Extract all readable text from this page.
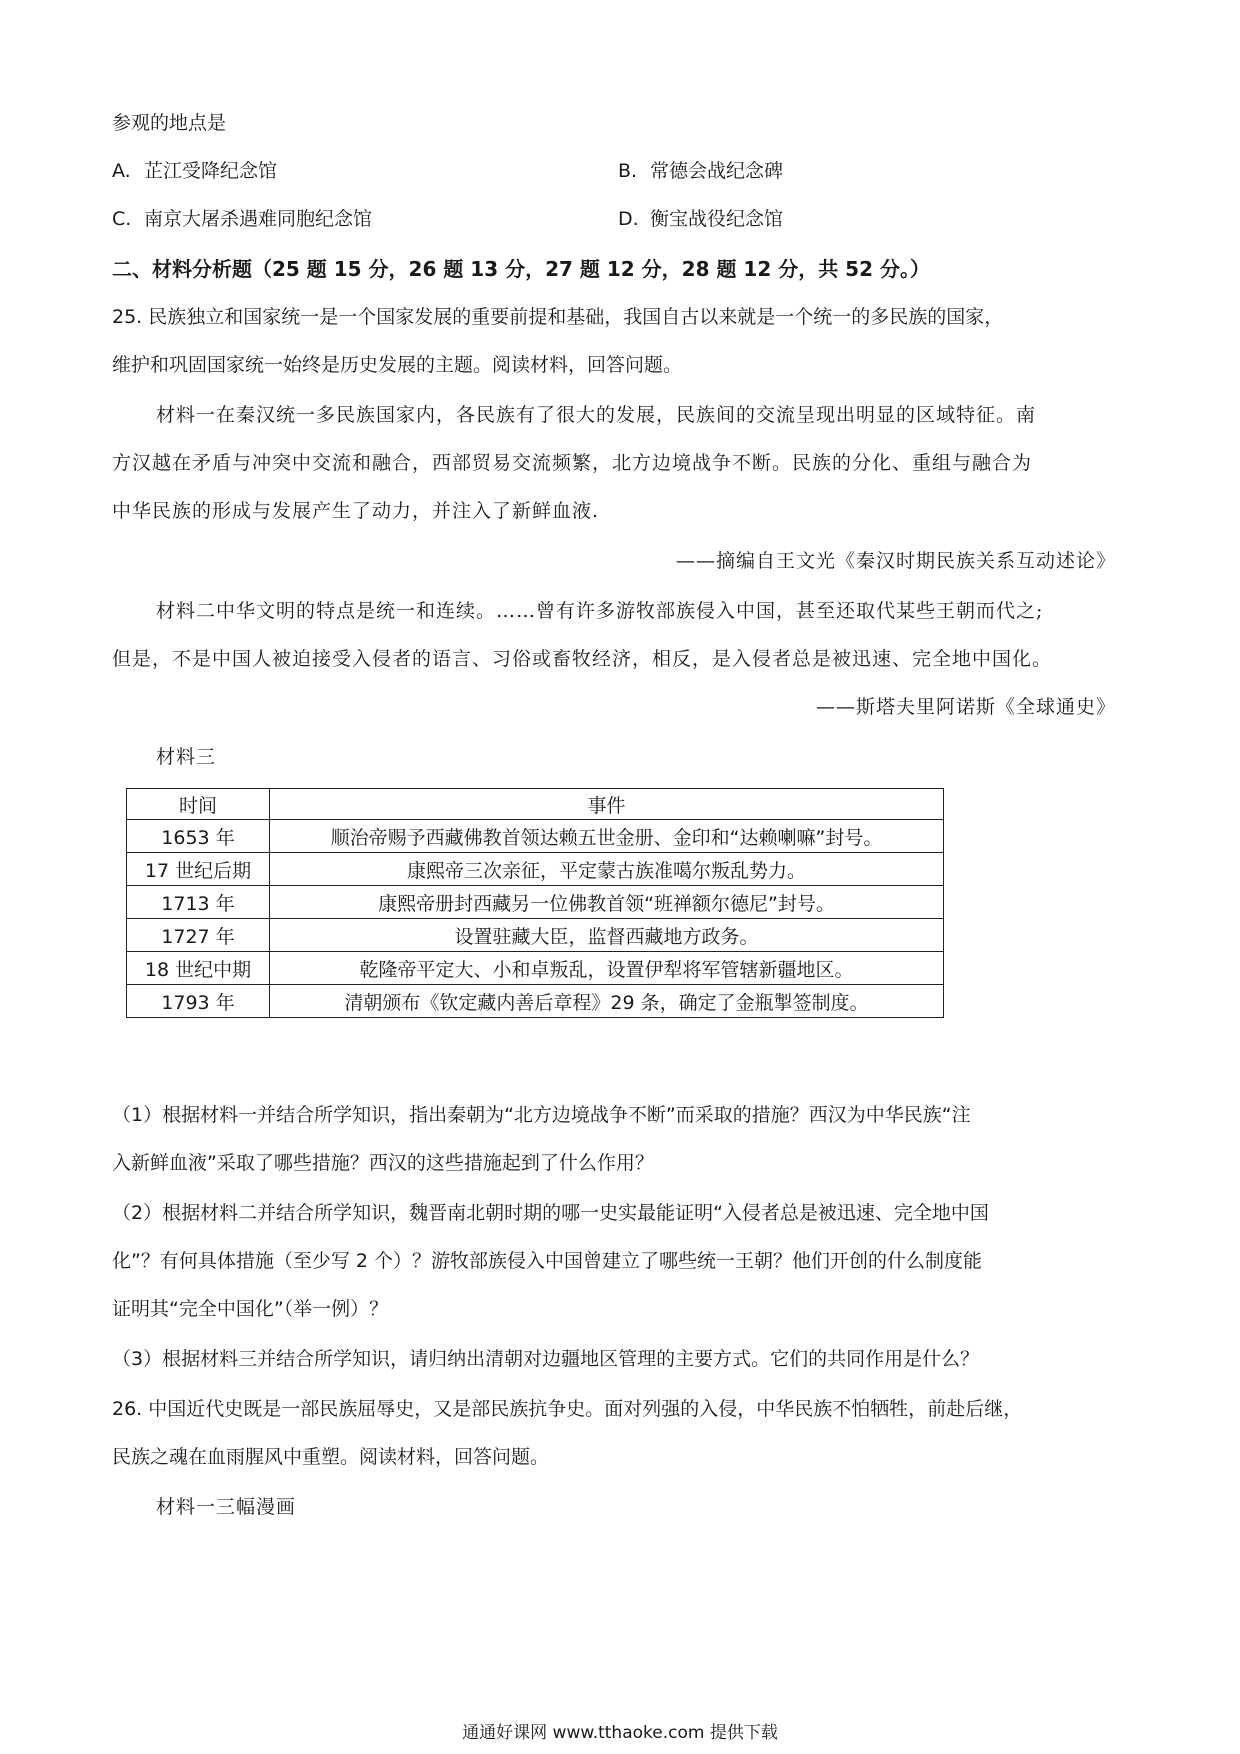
参观的地点是
A. 芷江受降纪念馆	B. 常德会战纪念碑
C. 南京大屠杀遇难同胞纪念馆	D. 衡宝战役纪念馆
二、材料分析题（25 题 15 分，26 题 13 分，27 题 12 分，28 题 12 分，共 52 分。）
25. 民族独立和国家统一是一个国家发展的重要前提和基础，我国自古以来就是一个统一的多民族的国家，
维护和巩固国家统一始终是历史发展的主题。阅读材料，回答问题。
材料一在秦汉统一多民族国家内，各民族有了很大的发展，民族间的交流呈现出明显的区域特征。南
方汉越在矛盾与冲突中交流和融合，西部贸易交流频繁，北方边境战争不断。民族的分化、重组与融合为
中华民族的形成与发展产生了动力，并注入了新鲜血液.
——摘编自王文光《秦汉时期民族关系互动述论》
材料二中华文明的特点是统一和连续。……曾有许多游牧部族侵入中国，甚至还取代某些王朝而代之;
但是，不是中国人被迫接受入侵者的语言、习俗或畜牧经济，相反，是入侵者总是被迅速、完全地中国化。
——斯塔夫里阿诺斯《全球通史》
材料三
时间	事件
1653 年	顺治帝赐予西藏佛教首领达赖五世金册、金印和“达赖喇嘛”封号。
17 世纪后期	康熙帝三次亲征，平定蒙古族准噶尔叛乱势力。
1713 年	康熙帝册封西藏另一位佛教首领“班禅额尔德尼”封号。
1727 年	设置驻藏大臣，监督西藏地方政务。
18 世纪中期	乾隆帝平定大、小和卓叛乱，设置伊犁将军管辖新疆地区。
1793 年	清朝颁布《钦定藏内善后章程》29 条，确定了金瓶掣签制度。
（1）根据材料一并结合所学知识，指出秦朝为“北方边境战争不断”而采取的措施？西汉为中华民族“注
入新鲜血液”采取了哪些措施？西汉的这些措施起到了什么作用？
（2）根据材料二并结合所学知识，魏晋南北朝时期的哪一史实最能证明“入侵者总是被迅速、完全地中国
化”？有何具体措施（至少写 2 个）？游牧部族侵入中国曾建立了哪些统一王朝？他们开创的什么制度能
证明其“完全中国化”（举一例）？
（3）根据材料三并结合所学知识，请归纳出清朝对边疆地区管理的主要方式。它们的共同作用是什么？
26. 中国近代史既是一部民族屈辱史，又是部民族抗争史。面对列强的入侵，中华民族不怕牺牲，前赴后继，
民族之魂在血雨腥风中重塑。阅读材料，回答问题。
材料一三幅漫画
通通好课网 www.tthaoke.com 提供下载
